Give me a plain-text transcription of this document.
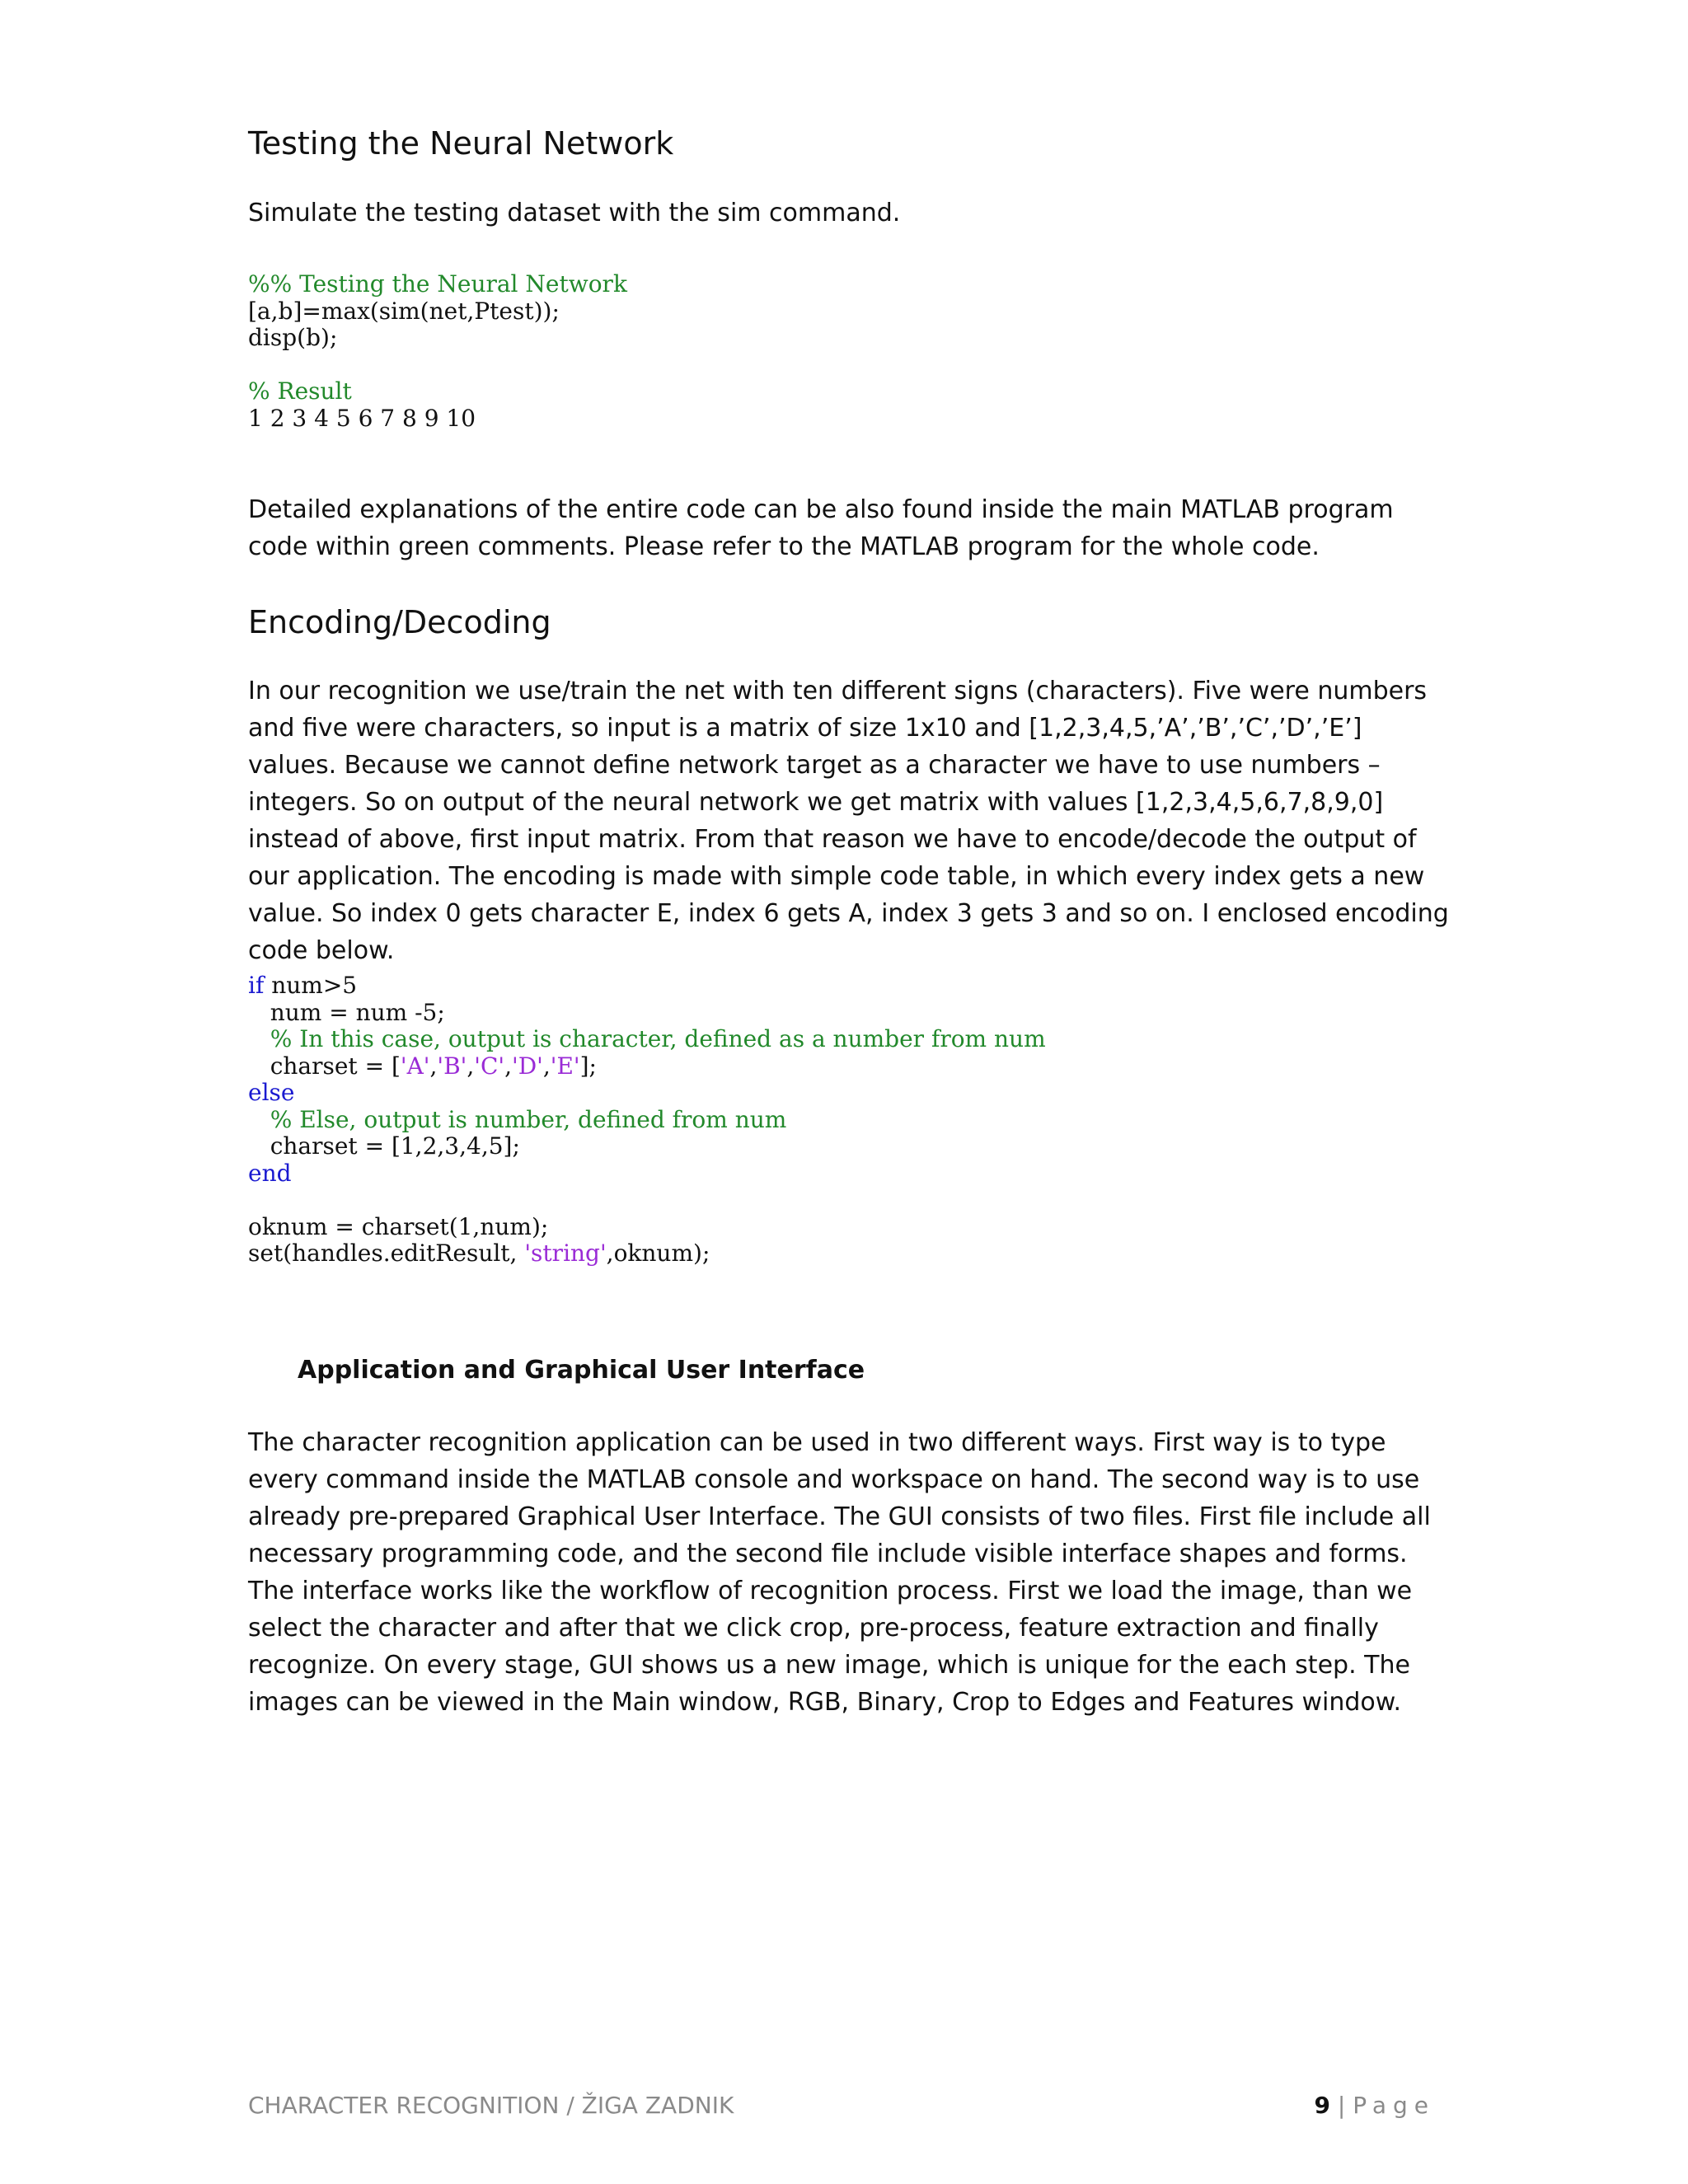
Testing the Neural Network

Simulate the testing dataset with the sim command.

%% Testing the Neural Network
[a,b]=max(sim(net,Ptest));
disp(b);

% Result
1 2 3 4 5 6 7 8 9 10

Detailed explanations of the entire code can be also found inside the main MATLAB program code within green comments. Please refer to the MATLAB program for the whole code.

Encoding/Decoding

In our recognition we use/train the net with ten different signs (characters). Five were numbers and five were characters, so input is a matrix of size 1x10 and [1,2,3,4,5,’A’,’B’,’C’,’D’,’E’] values. Because we cannot define network target as a character we have to use numbers – integers. So on output of the neural network we get matrix with values [1,2,3,4,5,6,7,8,9,0] instead of above, first input matrix. From that reason we have to encode/decode the output of our application. The encoding is made with simple code table, in which every index gets a new value. So index 0 gets character E, index 6 gets A, index 3 gets 3 and so on. I enclosed encoding code below.

if num>5
num = num -5;
% In this case, output is character, defined as a number from num
charset = ['A','B','C','D','E'];
else
% Else, output is number, defined from num
charset = [1,2,3,4,5];
end

oknum = charset(1,num);
set(handles.editResult, 'string',oknum);
Application and Graphical User Interface

The character recognition application can be used in two different ways. First way is to type every command inside the MATLAB console and workspace on hand. The second way is to use already pre-prepared Graphical User Interface. The GUI consists of two files. First file include all necessary programming code, and the second file include visible interface shapes and forms. The interface works like the workflow of recognition process. First we load the image, than we select the character and after that we click crop, pre-process, feature extraction and finally recognize. On every stage, GUI shows us a new image, which is unique for the each step. The images can be viewed in the Main window, RGB, Binary, Crop to Edges and Features window.

CHARACTER RECOGNITION / ŽIGA ZADNIK	9 | Page
